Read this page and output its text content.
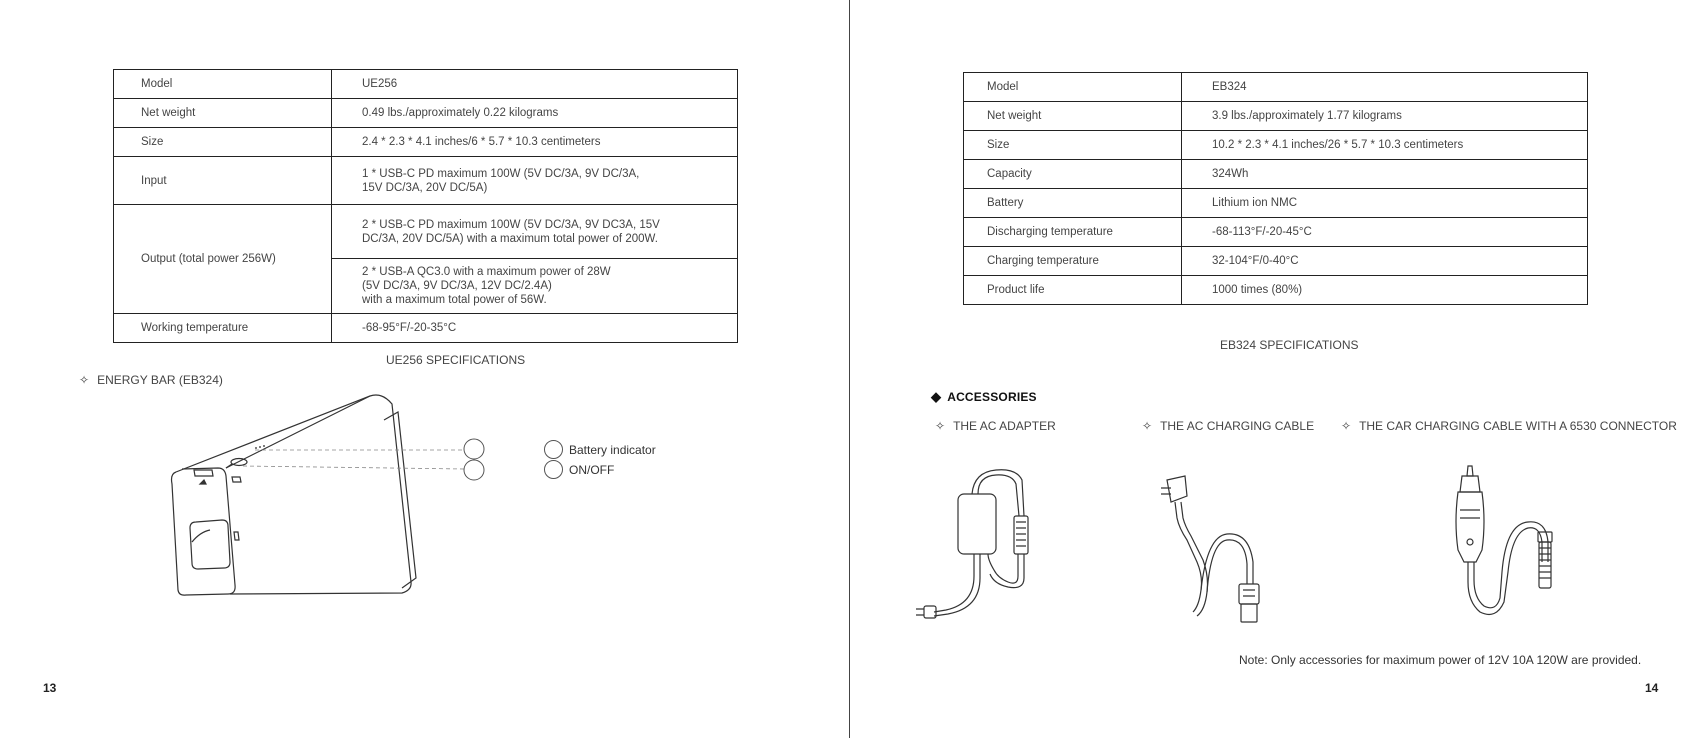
Model	UE256
Net weight	0.49 lbs./approximately 0.22 kilograms
Size	2.4 * 2.3 * 4.1 inches/6 * 5.7 * 10.3 centimeters
Input	1 * USB-C PD maximum 100W (5V DC/3A, 9V DC/3A,
15V DC/3A, 20V DC/5A)
Output (total power 256W)	2 * USB-C PD maximum 100W (5V DC/3A, 9V DC3A, 15V
DC/3A, 20V DC/5A) with a maximum total power of 200W.
	2 * USB-A QC3.0 with a maximum power of 28W
(5V DC/3A, 9V DC/3A, 12V DC/2.4A)
with a maximum total power of 56W.
Working temperature	-68-95°F/-20-35°C
UE256 SPECIFICATIONS
✧ ENERGY BAR (EB324)
Battery indicator
ON/OFF
13
Model	EB324
Net weight	3.9 lbs./approximately 1.77 kilograms
Size	10.2 * 2.3 * 4.1 inches/26 * 5.7 * 10.3 centimeters
Capacity	324Wh
Battery	Lithium ion NMC
Discharging temperature	-68-113°F/-20-45°C
Charging temperature	32-104°F/0-40°C
Product life	1000 times (80%)
EB324 SPECIFICATIONS
◆ ACCESSORIES
✧ THE AC ADAPTER	✧ THE AC CHARGING CABLE ✧ THE CAR CHARGING CABLE WITH A 6530 CONNECTOR
Note: Only accessories for maximum power of 12V 10A 120W are provided.
14
